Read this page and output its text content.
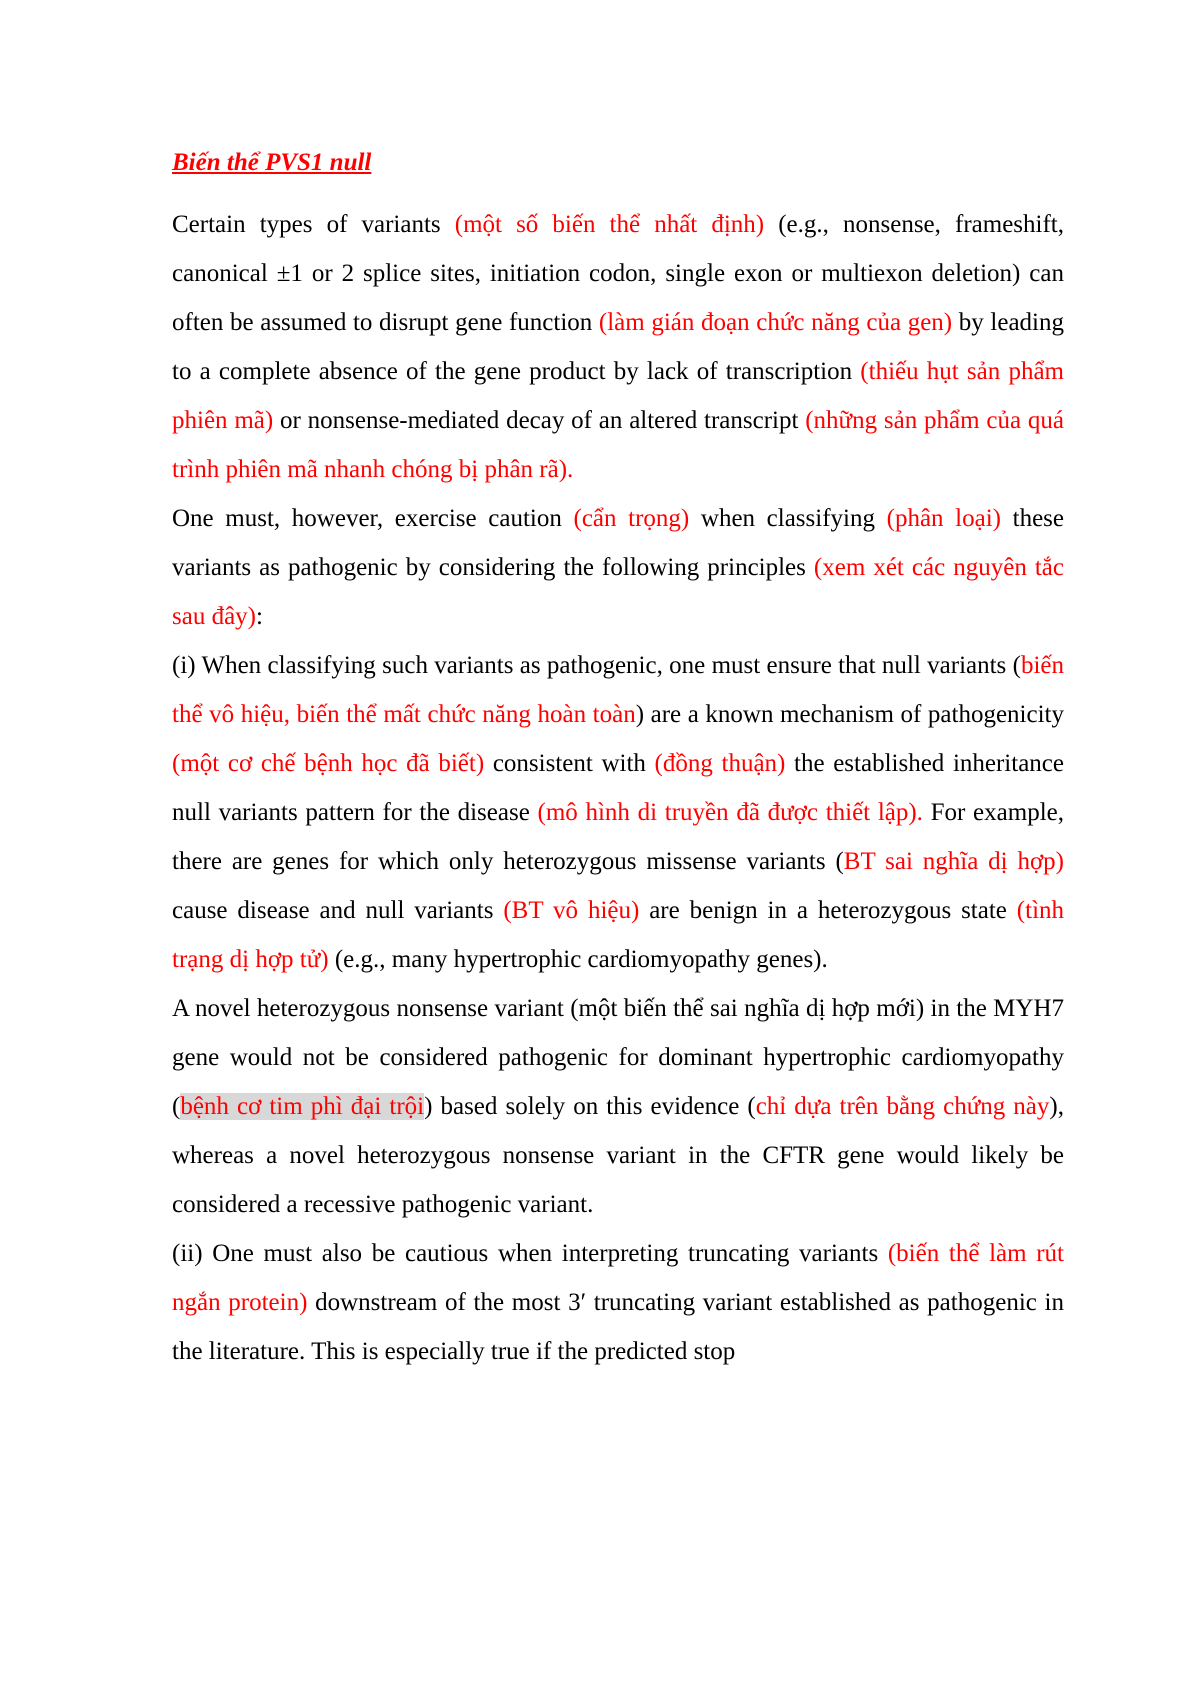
Biến thể PVS1 null

Certain types of variants (một số biến thể nhất định) (e.g., nonsense, frameshift, canonical ±1 or 2 splice sites, initiation codon, single exon or multiexon deletion) can often be assumed to disrupt gene function (làm gián đoạn chức năng của gen) by leading to a complete absence of the gene product by lack of transcription (thiếu hụt sản phẩm phiên mã) or nonsense-mediated decay of an altered transcript (những sản phẩm của quá trình phiên mã nhanh chóng bị phân rã).

One must, however, exercise caution (cẩn trọng) when classifying (phân loại) these variants as pathogenic by considering the following principles (xem xét các nguyên tắc sau đây):

(i) When classifying such variants as pathogenic, one must ensure that null variants (biến thể vô hiệu, biến thể mất chức năng hoàn toàn) are a known mechanism of pathogenicity (một cơ chế bệnh học đã biết) consistent with (đồng thuận) the established inheritance null variants pattern for the disease (mô hình di truyền đã được thiết lập). For example, there are genes for which only heterozygous missense variants (BT sai nghĩa dị hợp) cause disease and null variants (BT vô hiệu) are benign in a heterozygous state (tình trạng dị hợp tử) (e.g., many hypertrophic cardiomyopathy genes).

A novel heterozygous nonsense variant (một biến thể sai nghĩa dị hợp mới) in the MYH7 gene would not be considered pathogenic for dominant hypertrophic cardiomyopathy (bệnh cơ tim phì đại trội) based solely on this evidence (chỉ dựa trên bằng chứng này), whereas a novel heterozygous nonsense variant in the CFTR gene would likely be considered a recessive pathogenic variant.

(ii) One must also be cautious when interpreting truncating variants (biến thể làm rút ngắn protein) downstream of the most 3′ truncating variant established as pathogenic in the literature. This is especially true if the predicted stop
